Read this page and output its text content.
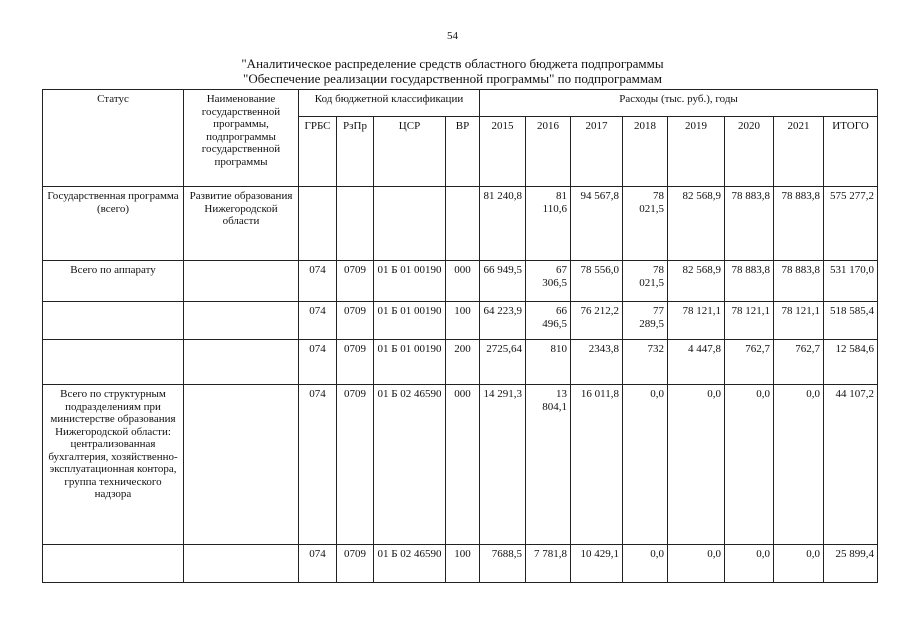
54
"Аналитическое распределение средств областного бюджета подпрограммы
"Обеспечение реализации государственной программы" по подпрограммам
Статус	Наименование государственной программы, подпрограммы государственной программы	Код бюджетной классификации				Расходы (тыс. руб.), годы							
		ГРБС	РзПр	ЦСР	ВР	2015	2016	2017	2018	2019	2020	2021	ИТОГО
Государственная программа (всего)	Развитие образования Нижегородской области					81 240,8	81 110,6	94 567,8	78 021,5	82 568,9	78 883,8	78 883,8	575 277,2
Всего по аппарату		074	0709	01 Б 01 00190	000	66 949,5	67 306,5	78 556,0	78 021,5	82 568,9	78 883,8	78 883,8	531 170,0
		074	0709	01 Б 01 00190	100	64 223,9	66 496,5	76 212,2	77 289,5	78 121,1	78 121,1	78 121,1	518 585,4
		074	0709	01 Б 01 00190	200	2725,64	810	2343,8	732	4 447,8	762,7	762,7	12 584,6
Всего по структурным подразделениям при министерстве образования Нижегородской области: централизованная бухгалтерия, хозяйственно-эксплуатационная контора, группа технического надзора		074	0709	01 Б 02 46590	000	14 291,3	13 804,1	16 011,8	0,0	0,0	0,0	0,0	44 107,2
		074	0709	01 Б 02 46590	100	7688,5	7 781,8	10 429,1	0,0	0,0	0,0	0,0	25 899,4
